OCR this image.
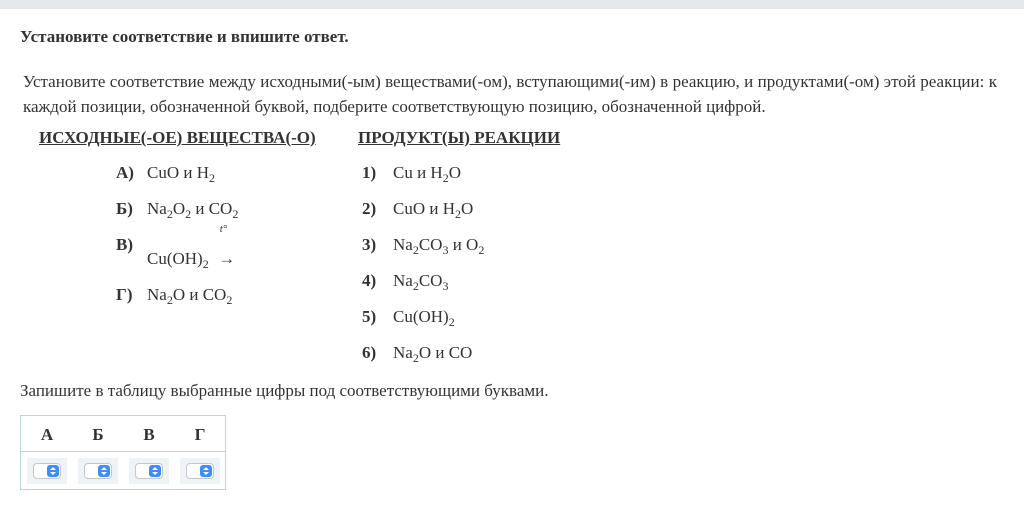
Установите соответствие и впишите ответ.
Установите соответствие между исходными(-ым) веществами(-ом), вступающими(-им) в реакцию, и продуктами(-ом) этой реакции: к каждой позиции, обозначенной буквой, подберите соответствующую позицию, обозначенной цифрой.
ИСХОДНЫЕ(-ОЕ) ВЕЩЕСТВА(-О) ПРОДУКТ(Ы) РЕАКЦИИ
А) CuO и $H_2$
Б) $Na_2O_2$ и $CO_2$
В)
$Cu(OH)_2$
t°
→
Г) $Na_2O$ и $CO_2$
1) Cu и $H_2O$
2) CuO и $H_2O$
3) $Na_2CO_3$ и $O_2$
4) $Na_2CO_3$
5) $Cu(OH)_2$
6) $Na_2O$ и CO
Запишите в таблицу выбранные цифры под соответствующими буквами.
А	Б	В	Г
